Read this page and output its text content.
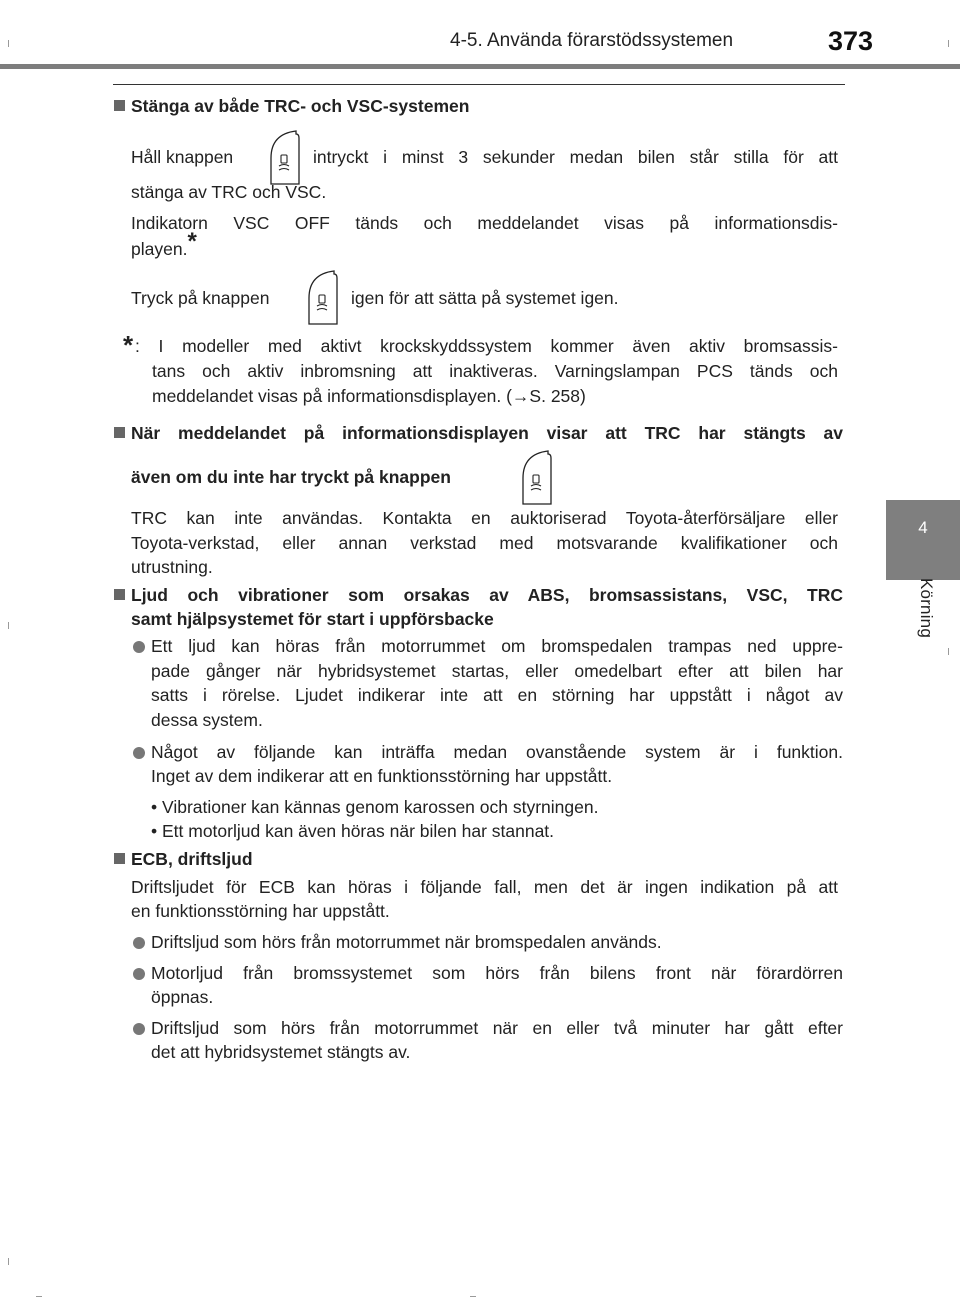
4-5. Använda förarstödssystemen	373
4
Körning
Stänga av både TRC- och VSC-systemen
Håll knappen	intryckt i minst 3 sekunder medan bilen står stilla för att
stänga av TRC och VSC.
Indikatorn VSC OFF tänds och meddelandet visas på informationsdis-
playen.*
Tryck på knappen	igen för att sätta på systemet igen.
* : I modeller med aktivt krockskyddssystem kommer även aktiv bromsassis-
tans och aktiv inbromsning att inaktiveras. Varningslampan PCS tänds och
meddelandet visas på informationsdisplayen. (→S. 258)
När meddelandet på informationsdisplayen visar att TRC har stängts av
även om du inte har tryckt på knappen
TRC kan inte användas. Kontakta en auktoriserad Toyota-återförsäljare eller
Toyota-verkstad, eller annan verkstad med motsvarande kvalifikationer och
utrustning.
Ljud och vibrationer som orsakas av ABS, bromsassistans, VSC, TRC
samt hjälpsystemet för start i uppförsbacke
Ett ljud kan höras från motorrummet om bromspedalen trampas ned uppre-
pade gånger när hybridsystemet startas, eller omedelbart efter att bilen har
satts i rörelse. Ljudet indikerar inte att en störning har uppstått i något av
dessa system.
Något av följande kan inträffa medan ovanstående system är i funktion.
Inget av dem indikerar att en funktionsstörning har uppstått.
• Vibrationer kan kännas genom karossen och styrningen.
• Ett motorljud kan även höras när bilen har stannat.
ECB, driftsljud
Driftsljudet för ECB kan höras i följande fall, men det är ingen indikation på att
en funktionsstörning har uppstått.
Driftsljud som hörs från motorrummet när bromspedalen används.
Motorljud från bromssystemet som hörs från bilens front när förardörren
öppnas.
Driftsljud som hörs från motorrummet när en eller två minuter har gått efter
det att hybridsystemet stängts av.
